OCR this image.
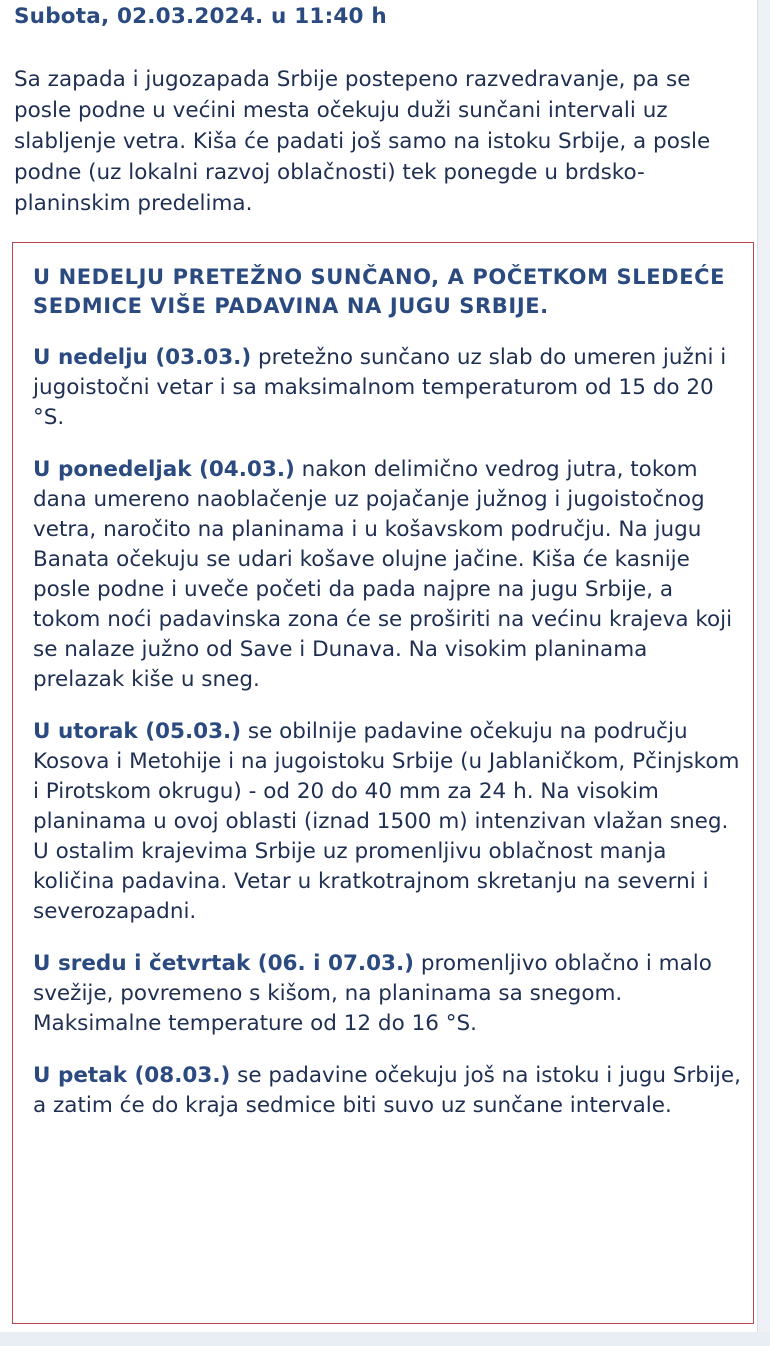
Subota, 02.03.2024. u 11:40 h

Sa zapada i jugozapada Srbije postepeno razvedravanje, pa se posle podne u većini mesta očekuju duži sunčani intervali uz slabljenje vetra. Kiša će padati još samo na istoku Srbije, a posle podne (uz lokalni razvoj oblačnosti) tek ponegde u brdsko-planinskim predelima.

U NEDELJU PRETEŽNO SUNČANO, A POČETKOM SLEDEĆE SEDMICE VIŠE PADAVINA NA JUGU SRBIJE.

U nedelju (03.03.) pretežno sunčano uz slab do umeren južni i jugoistočni vetar i sa maksimalnom temperaturom od 15 do 20 °S.

U ponedeljak (04.03.) nakon delimično vedrog jutra, tokom dana umereno naoblačenje uz pojačanje južnog i jugoistočnog vetra, naročito na planinama i u košavskom području. Na jugu Banata očekuju se udari košave olujne jačine. Kiša će kasnije posle podne i uveče početi da pada najpre na jugu Srbije, a tokom noći padavinska zona će se proširiti na većinu krajeva koji se nalaze južno od Save i Dunava. Na visokim planinama prelazak kiše u sneg.

U utorak (05.03.) se obilnije padavine očekuju na području Kosova i Metohije i na jugoistoku Srbije (u Jablaničkom, Pčinjskom i Pirotskom okrugu) - od 20 do 40 mm za 24 h. Na visokim planinama u ovoj oblasti (iznad 1500 m) intenzivan vlažan sneg. U ostalim krajevima Srbije uz promenljivu oblačnost manja količina padavina. Vetar u kratkotrajnom skretanju na severni i severozapadni.

U sredu i četvrtak (06. i 07.03.) promenljivo oblačno i malo svežije, povremeno s kišom, na planinama sa snegom. Maksimalne temperature od 12 do 16 °S.

U petak (08.03.) se padavine očekuju još na istoku i jugu Srbije, a zatim će do kraja sedmice biti suvo uz sunčane intervale.
